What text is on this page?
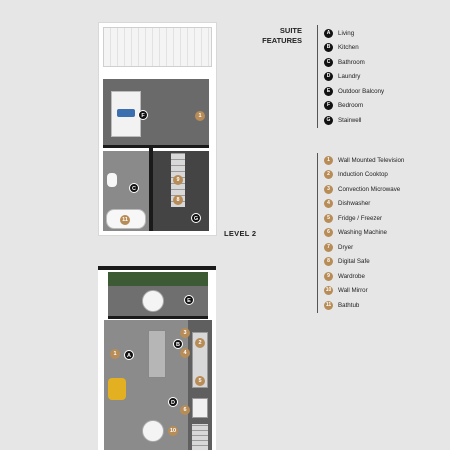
F	1
C
9
8
G
11
LEVEL 2
E
A
B
1
3
2
4
5
D
6
10
SUITE
FEATURES
A	Living
B	Kitchen
C	Bathroom
D	Laundry
E	Outdoor Balcony
F	Bedroom
G	Stairwell
1	Wall Mounted Television
2	Induction Cooktop
3	Convection Microwave
4	Dishwasher
5	Fridge / Freezer
6	Washing Machine
7	Dryer
8	Digital Safe
9	Wardrobe
10 Wall Mirror
11 Bathtub
